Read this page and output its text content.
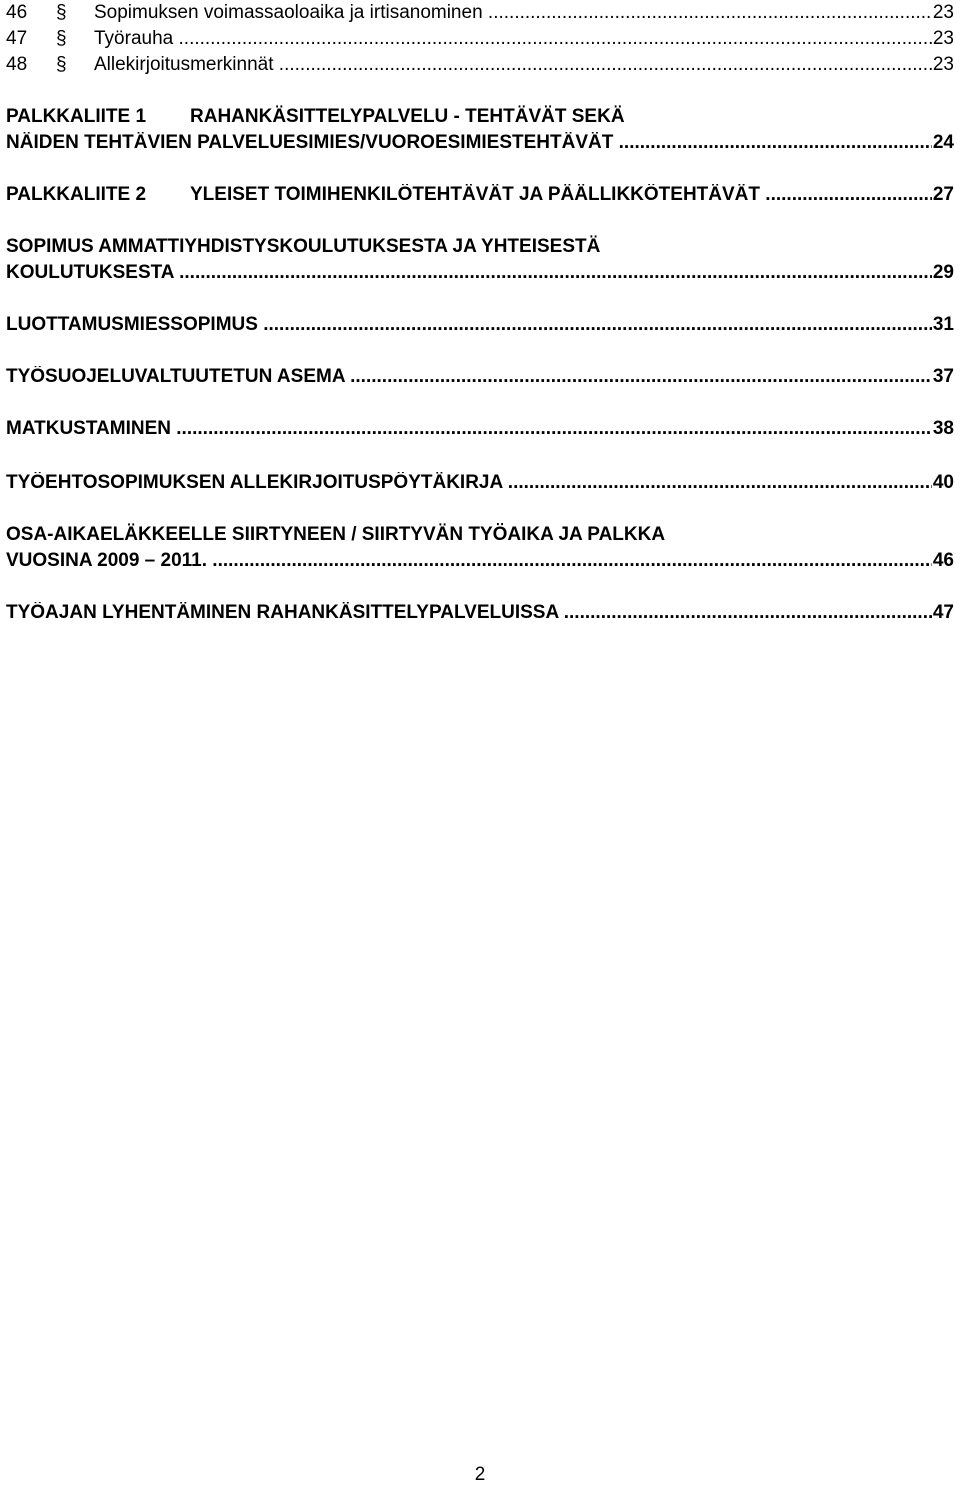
46 § Sopimuksen voimassaoloaika ja irtisanominen .....	23
47 § Työrauha .....	23
48 § Allekirjoitusmerkinnät .....	23
PALKKALIITE 1 RAHANKÄSITTELYPALVELU - TEHTÄVÄT SEKÄ
NÄIDEN TEHTÄVIEN PALVELUESIMIES/VUOROESIMIESTEHTÄVÄT .....	24
PALKKALIITE 2 YLEISET TOIMIHENKILÖTEHTÄVÄT JA PÄÄLLIKKÖTEHTÄVÄT .....	27
SOPIMUS AMMATTIYHDISTYSKOULUTUKSESTA JA YHTEISESTÄ
KOULUTUKSESTA .....	29
LUOTTAMUSMIESSOPIMUS .....	31
TYÖSUOJELUVALTUUTETUN ASEMA .....	37
MATKUSTAMINEN .....	38
TYÖEHTOSOPIMUKSEN ALLEKIRJOITUSPÖYTÄKIRJA .....	40
OSA-AIKAELÄKKEELLE SIIRTYNEEN / SIIRTYVÄN TYÖAIKA JA PALKKA
VUOSINA 2009 – 2011. .....	46
TYÖAJAN LYHENTÄMINEN RAHANKÄSITTELYPALVELUISSA .....	47
2
